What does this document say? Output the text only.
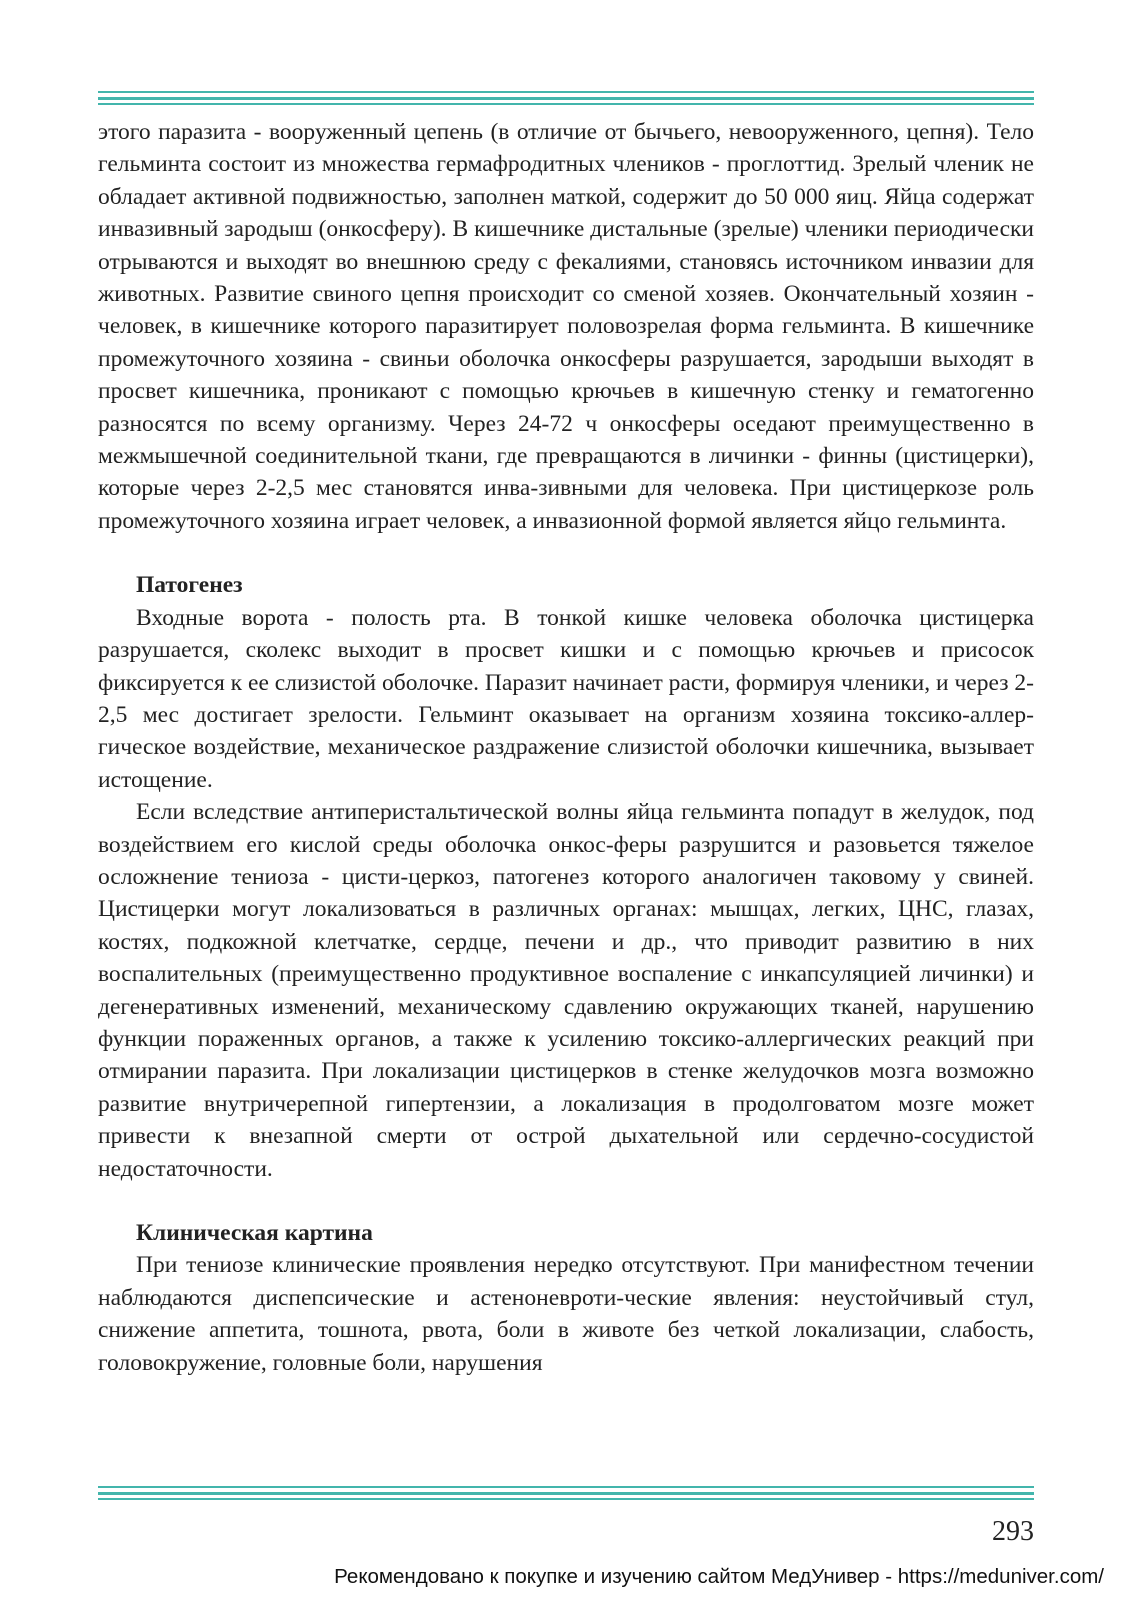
этого паразита - вооруженный цепень (в отличие от бычьего, невооруженного, цепня). Тело гельминта состоит из множества гермафродитных члеников - проглоттид. Зрелый членик не обладает активной подвижностью, заполнен маткой, содержит до 50 000 яиц. Яйца содержат инвазивный зародыш (онкосферу). В кишечнике дистальные (зрелые) членики периодически отрываются и выходят во внешнюю среду с фекалиями, становясь источником инвазии для животных. Развитие свиного цепня происходит со сменой хозяев. Окончательный хозяин - человек, в кишечнике которого паразитирует половозрелая форма гельминта. В кишечнике промежуточного хозяина - свиньи оболочка онкосферы разрушается, зародыши выходят в просвет кишечника, проникают с помощью крючьев в кишечную стенку и гематогенно разносятся по всему организму. Через 24-72 ч онкосферы оседают преимущественно в межмышечной соединительной ткани, где превращаются в личинки - финны (цистицерки), которые через 2-2,5 мес становятся инва-зивными для человека. При цистицеркозе роль промежуточного хозяина играет человек, а инвазионной формой является яйцо гельминта.

Патогенез

Входные ворота - полость рта. В тонкой кишке человека оболочка цистицерка разрушается, сколекс выходит в просвет кишки и с помощью крючьев и присосок фиксируется к ее слизистой оболочке. Паразит начинает расти, формируя членики, и через 2-2,5 мес достигает зрелости. Гельминт оказывает на организм хозяина токсико-аллер-гическое воздействие, механическое раздражение слизистой оболочки кишечника, вызывает истощение.

Если вследствие антиперистальтической волны яйца гельминта попадут в желудок, под воздействием его кислой среды оболочка онкос-феры разрушится и разовьется тяжелое осложнение тениоза - цисти-церкоз, патогенез которого аналогичен таковому у свиней. Цистицерки могут локализоваться в различных органах: мышцах, легких, ЦНС, глазах, костях, подкожной клетчатке, сердце, печени и др., что приводит развитию в них воспалительных (преимущественно продуктивное воспаление с инкапсуляцией личинки) и дегенеративных изменений, механическому сдавлению окружающих тканей, нарушению функции пораженных органов, а также к усилению токсико-аллергических реакций при отмирании паразита. При локализации цистицерков в стенке желудочков мозга возможно развитие внутричерепной гипертензии, а локализация в продолговатом мозге может привести к внезапной смерти от острой дыхательной или сердечно-сосудистой недостаточности.

Клиническая картина

При тениозе клинические проявления нередко отсутствуют. При манифестном течении наблюдаются диспепсические и астеноневроти-ческие явления: неустойчивый стул, снижение аппетита, тошнота, рвота, боли в животе без четкой локализации, слабость, головокружение, головные боли, нарушения

293
Рекомендовано к покупке и изучению сайтом МедУнивер - https://meduniver.com/
